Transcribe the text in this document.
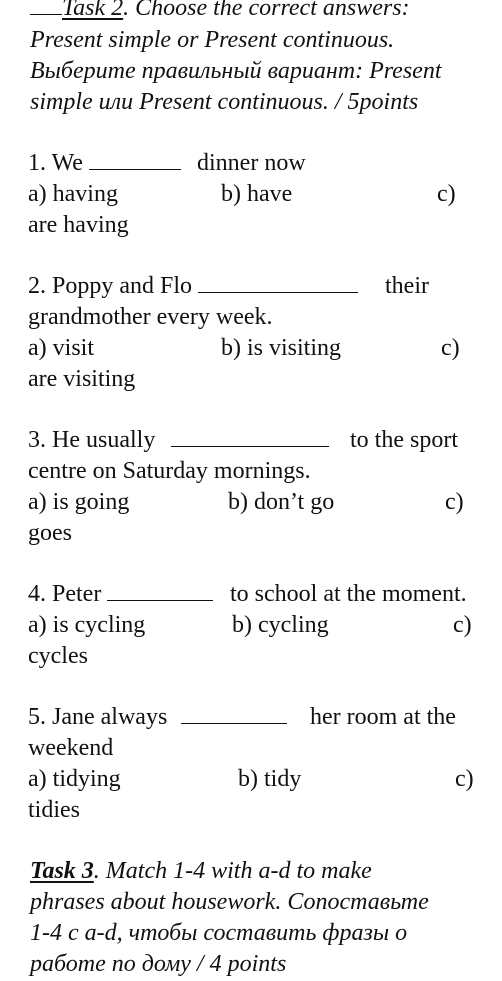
Task 2. Choose the correct answers:
Present simple or Present continuous.
Выберите правильный вариант: Present
simple или Present continuous. / 5points
1. We	dinner now
a) having	b) have	c)
are having
2. Poppy and Flo	their
grandmother every week.
a) visit	b) is visiting	c)
are visiting
3. He usually	to the sport
centre on Saturday mornings.
a) is going	b) don’t go	c)
goes
4. Peter	to school at the moment.
a) is cycling	b) cycling	c)
cycles
5. Jane always	her room at the
weekend
a) tidying	b) tidy	c)
tidies
Task 3. Match 1-4 with a-d to make
phrases about housework. Сопоставьте
1-4 с a-d, чтобы составить фразы о
работе по дому / 4 points
